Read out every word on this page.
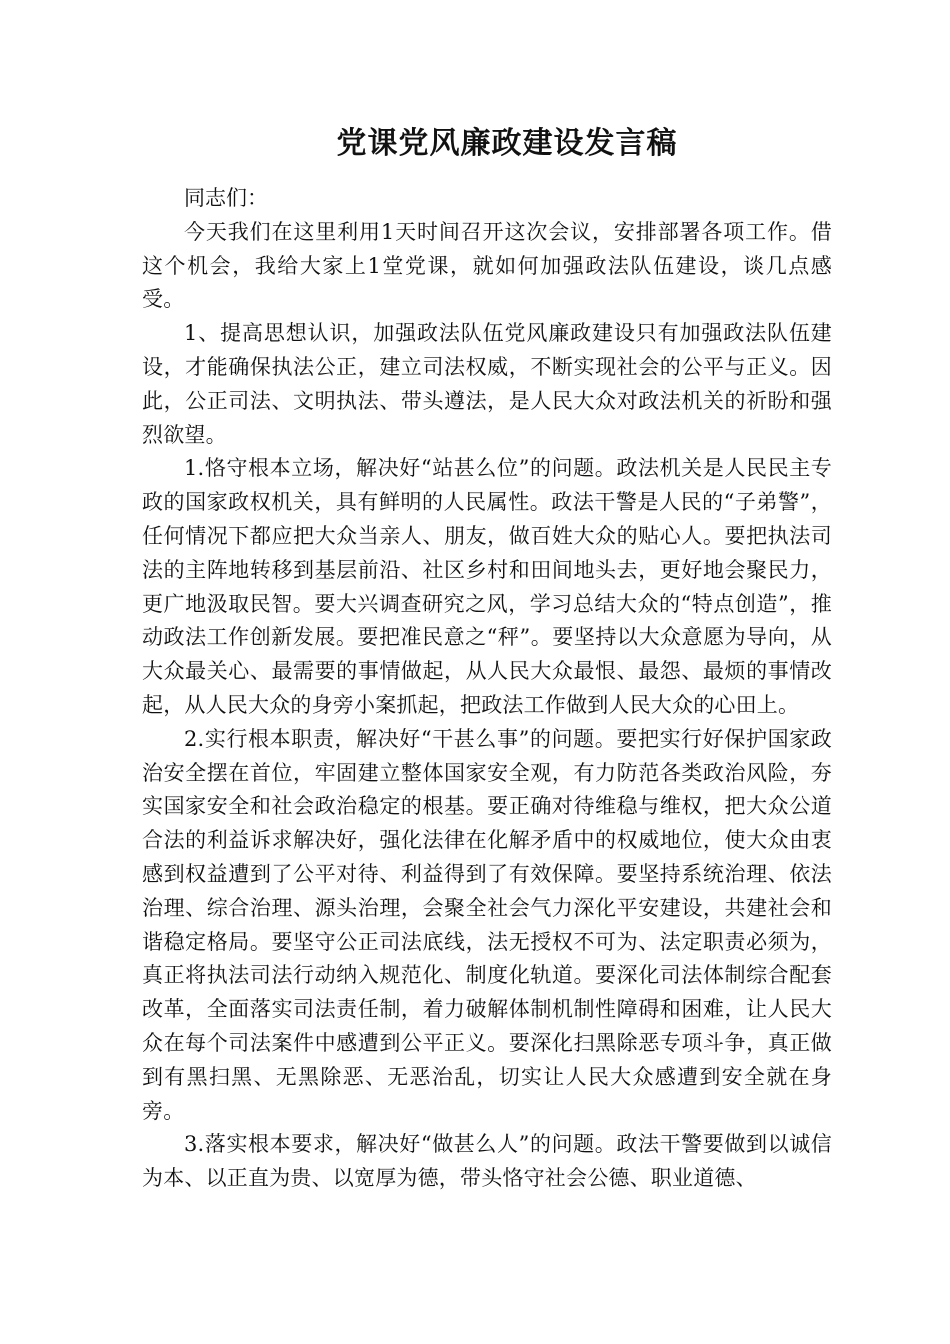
党课党风廉政建设发言稿

同志们：

今天我们在这里利用1天时间召开这次会议，安排部署各项工作。借这个机会，我给大家上1堂党课，就如何加强政法队伍建设，谈几点感受。

1、提高思想认识，加强政法队伍党风廉政建设只有加强政法队伍建设，才能确保执法公正，建立司法权威，不断实现社会的公平与正义。因此，公正司法、文明执法、带头遵法，是人民大众对政法机关的祈盼和强烈欲望。

1.恪守根本立场，解决好“站甚么位”的问题。政法机关是人民民主专政的国家政权机关，具有鲜明的人民属性。政法干警是人民的“子弟警”，任何情况下都应把大众当亲人、朋友，做百姓大众的贴心人。要把执法司法的主阵地转移到基层前沿、社区乡村和田间地头去，更好地会聚民力，更广地汲取民智。要大兴调查研究之风，学习总结大众的“特点创造”，推动政法工作创新发展。要把准民意之“秤”。要坚持以大众意愿为导向，从大众最关心、最需要的事情做起，从人民大众最恨、最怨、最烦的事情改起，从人民大众的身旁小案抓起，把政法工作做到人民大众的心田上。

2.实行根本职责，解决好“干甚么事”的问题。要把实行好保护国家政治安全摆在首位，牢固建立整体国家安全观，有力防范各类政治风险，夯实国家安全和社会政治稳定的根基。要正确对待维稳与维权，把大众公道合法的利益诉求解决好，强化法律在化解矛盾中的权威地位，使大众由衷感到权益遭到了公平对待、利益得到了有效保障。要坚持系统治理、依法治理、综合治理、源头治理，会聚全社会气力深化平安建设，共建社会和谐稳定格局。要坚守公正司法底线，法无授权不可为、法定职责必须为，真正将执法司法行动纳入规范化、制度化轨道。要深化司法体制综合配套改革，全面落实司法责任制，着力破解体制机制性障碍和困难，让人民大众在每个司法案件中感遭到公平正义。要深化扫黑除恶专项斗争，真正做到有黑扫黑、无黑除恶、无恶治乱，切实让人民大众感遭到安全就在身旁。

3.落实根本要求，解决好“做甚么人”的问题。政法干警要做到以诚信为本、以正直为贵、以宽厚为德，带头恪守社会公德、职业道德、
